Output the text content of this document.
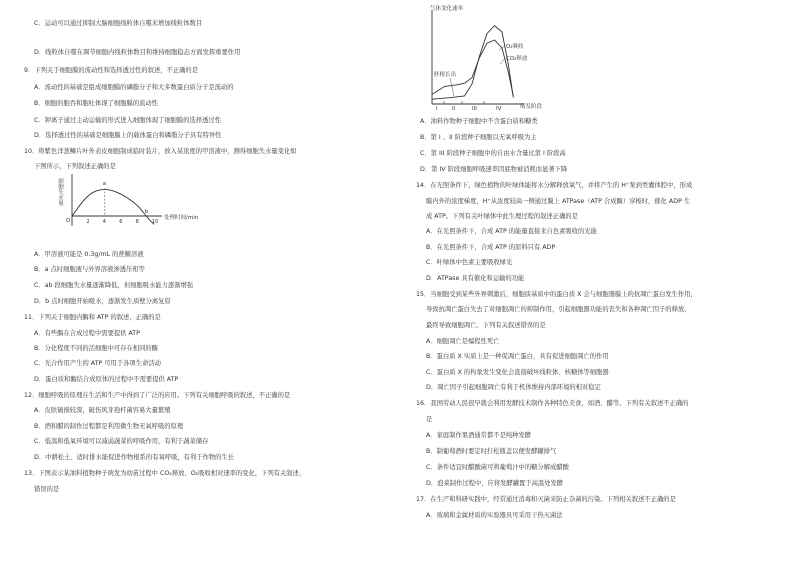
C．运动可以通过抑制大脑细胞线粒体自噬来增加线粒体数目
D．线粒体自噬在调节细胞内线粒体数目和维持细胞稳态方面发挥重要作用
9．下列关于细胞膜的流动性和选择透过性的叙述，不正确的是
A．流动性的基础是组成细胞膜的磷脂分子和大多数蛋白质分子是流动的
B．细胞的胞吞和胞吐体现了细胞膜的流动性
C．钾离子通过主动运输的形式进入细胞体现了细胞膜的选择透过性
D．选择透过性的基础是细胞膜上的载体蛋白和磷脂分子具有特异性
10．将紫色洋葱鳞片叶外表皮细胞制成临时装片，放入某浓度的甲溶液中，测得细胞失水量变化如
下图所示，下列叙述正确的是
A．甲溶液可能是 0.3g/mL 的蔗糖溶液
B．a 点时细胞液与外界溶液渗透压相等
C．ab 段细胞失水量逐渐降低，但细胞吸水能力逐渐增强
D．b 点时细胞开始吸水，逐渐发生质壁分离复原
11．下列关于细胞内酶和 ATP 的叙述，正确的是
A．有些酶在合成过程中需要提供 ATP
B．分化程度不同的活细胞中可存在相同的酶
C．光合作用产生的 ATP 可用于各项生命活动
D．蛋白质和酶结合成原体的过程中不需要提供 ATP
12．细胞呼吸的原理在生活和生产中得到了广泛的应用。下列有关细胞呼吸的叙述，不正确的是
A．皮肤破损较深，破伤风芽孢杆菌容易大量繁殖
B．酒和醋的制作过程都是利用微生物无氧呼吸的原理
C．低温和低氧环境可以减弱蔬菜的呼吸作用，有利于蔬菜储存
D．中耕松土、适时排水能促进作物根系的有氧呼吸，有利于作物的生长
13．下图表示某油料植物种子萌发为幼苗过程中 CO₂释放、O₂吸收相对速率的变化，下列有关叙述，
错误的是
A．油料作物种子细胞中不含蛋白质和糖类
B．第 I 、II 阶段种子细胞以无氧呼吸为主
C．第 III 阶段种子细胞中的自由水含量比第 I 阶段高
D．第 IV 阶段细胞呼吸速率因底物被消耗而显著下降
14．在光照条件下，绿色植物的叶绿体能将水分解释放氧气，并将产生的 H⁺泵到类囊体腔中，形成
膜内外的浓度梯度，H⁺从浓度较高一侧通过膜上 ATPase（ATP 合成酶）穿梭时，催化 ADP 生
成 ATP。下列有关叶绿体中此生理过程的叙述正确的是
A．在光照条件下，合成 ATP 的能量直接来自色素吸收的光能
B．在光照条件下，合成 ATP 的原料只有 ADP
C．叶绿体中色素主要吸收绿光
D．ATPase 具有催化和运输的功能
15．当细胞受到某些外界刺激后，细胞质基质中的蛋白质 X 会与细胞器膜上的抗凋亡蛋白发生作用，
导致抗凋亡蛋白失去了对细胞凋亡的抑制作用，引起细胞器功能的丧失和各种凋亡因子的释放，
最终导致细胞凋亡。下列有关叙述错误的是
A．细胞凋亡是编程性死亡
B．蛋白质 X 实质上是一种促凋亡蛋白，具有促进细胞凋亡的作用
C．蛋白质 X 的构象发生变化会直接破坏线粒体、核糖体等细胞器
D．凋亡因子引起细胞凋亡有利于机体维持内部环境的相对稳定
16．我国劳动人民很早就会利用发酵技术制作各种特色美食，如酒、醋等。下列有关叙述不正确的
是
A．家庭制作果酒通常都不是纯种发酵
B．制葡萄酒时要定时拧松瓶盖以便发酵罐排气
C．条件适宜时醋酸菌可将葡萄汁中的糖分解成醋酸
D．泡菜制作过程中，应将发酵罐置于高温处发酵
17．在生产和科研实践中，经常通过消毒和灭菌来防止杂菌的污染。下列相关叙述不正确的是
A．玻璃和金属材质的实验器具可采用干热灭菌法
细胞失水量
处理时间/min
O
a
b
2	4	6	8	10
I	II	III	IV
气体变化速率
O₂吸收
CO₂释放
胚根长出
萌发阶段
